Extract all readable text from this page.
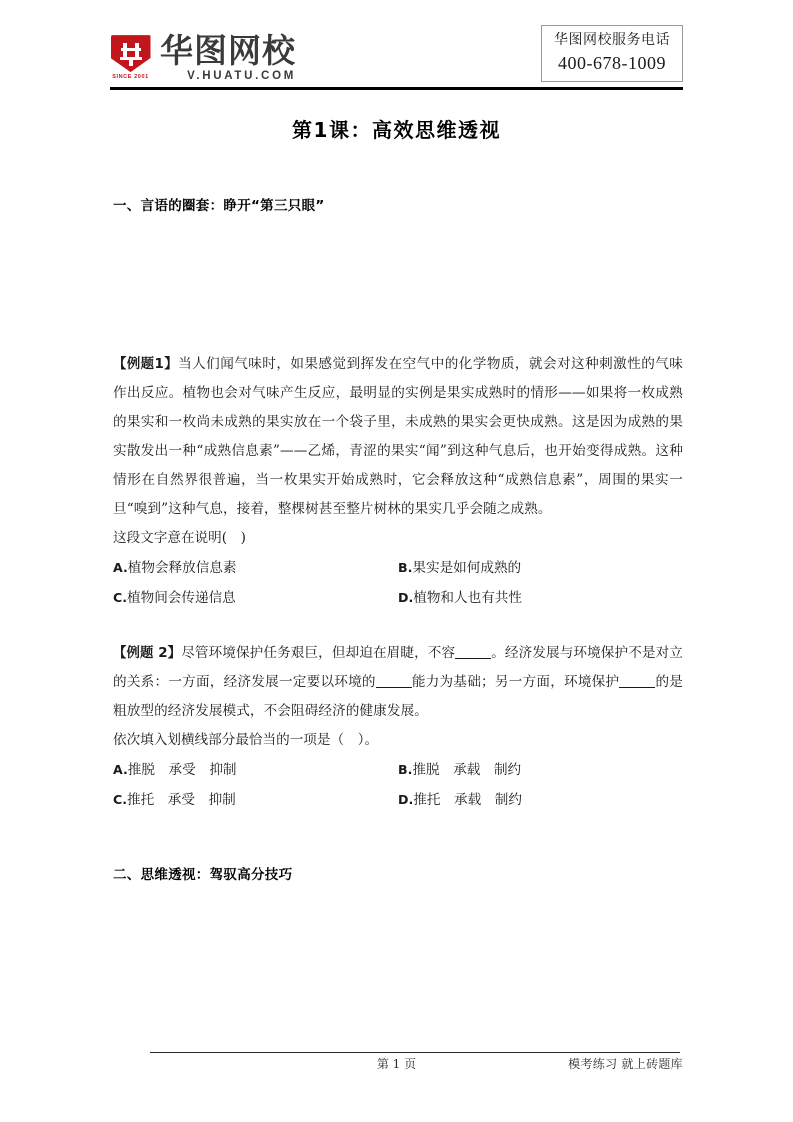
SINCE 2001
华图网校
V.HUATU.COM
华图网校服务电话
400-678-1009
第1课：高效思维透视
一、言语的圈套：睁开“第三只眼”
【例题1】当人们闻气味时，如果感觉到挥发在空气中的化学物质，就会对这种刺激性的气味作出反应。植物也会对气味产生反应，最明显的实例是果实成熟时的情形——如果将一枚成熟的果实和一枚尚未成熟的果实放在一个袋子里，未成熟的果实会更快成熟。这是因为成熟的果实散发出一种“成熟信息素”——乙烯，青涩的果实“闻”到这种气息后，也开始变得成熟。这种情形在自然界很普遍，当一枚果实开始成熟时，它会释放这种“成熟信息素”，周围的果实一旦“嗅到”这种气息，接着，整棵树甚至整片树林的果实几乎会随之成熟。
这段文字意在说明(　)
A.植物会释放信息素	B.果实是如何成熟的
C.植物间会传递信息	D.植物和人也有共性
【例题 2】尽管环境保护任务艰巨，但却迫在眉睫，不容	。经济发展与环境保护不是对立的关系：一方面，经济发展一定要以环境的	能力为基础；另一方面，环境保护	的是粗放型的经济发展模式，不会阻碍经济的健康发展。
依次填入划横线部分最恰当的一项是（　）。
A.推脱　承受　抑制	B.推脱　承载　制约
C.推托　承受　抑制	D.推托　承载　制约
二、思维透视：驾驭高分技巧
第 1 页	模考练习 就上砖题库
